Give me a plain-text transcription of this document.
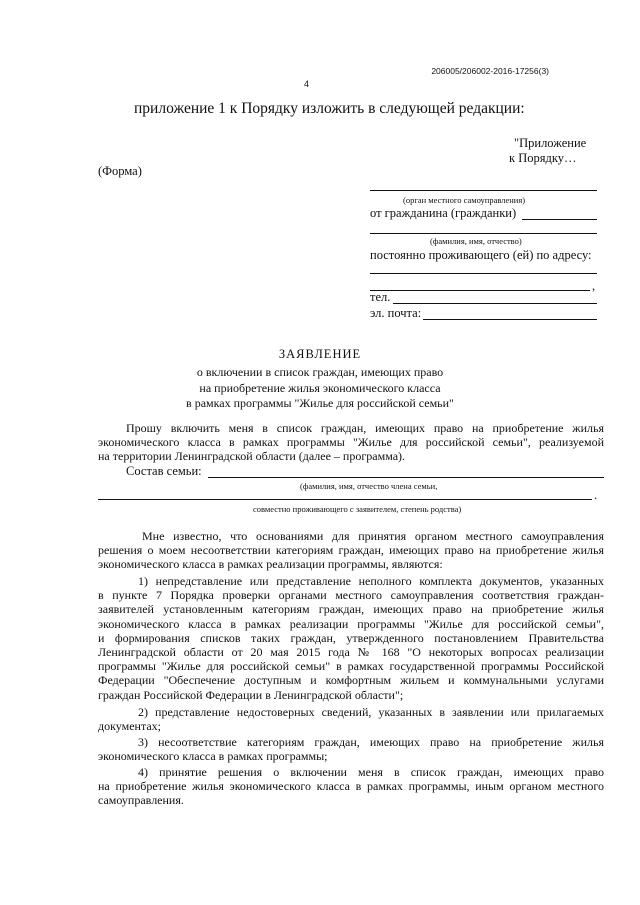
206005/206002-2016-17256(3)
4
приложение 1 к Порядку изложить в следующей редакции:
"Приложение
к Порядку…
(Форма)
(орган местного самоуправления)
от гражданина (гражданки)
(фамилия, имя, отчество)
постоянно проживающего (ей) по адресу:
,
тел.
эл. почта:
ЗАЯВЛЕНИЕ
о включении в список граждан, имеющих право
на приобретение жилья экономического класса
в рамках программы "Жилье для российской семьи"
Прошу включить меня в список граждан, имеющих право на приобретение жилья
экономического класса в рамках программы "Жилье для российской семьи", реализуемой
на территории Ленинградской области (далее – программа).
Состав семьи:
(фамилия, имя, отчество члена семьи,
.
совместно проживающего с заявителем, степень родства)
Мне известно, что основаниями для принятия органом местного самоуправления
решения о моем несоответствии категориям граждан, имеющих право на приобретение жилья
экономического класса в рамках реализации программы, являются:
1) непредставление или представление неполного комплекта документов, указанных
в пункте 7 Порядка проверки органами местного самоуправления соответствия граждан-
заявителей установленным категориям граждан, имеющих право на приобретение жилья
экономического класса в рамках реализации программы "Жилье для российской семьи",
и формирования списков таких граждан, утвержденного постановлением Правительства
Ленинградской области от 20 мая 2015 года № 168 "О некоторых вопросах реализации
программы "Жилье для российской семьи" в рамках государственной программы Российской
Федерации "Обеспечение доступным и комфортным жильем и коммунальными услугами
граждан Российской Федерации в Ленинградской области";
2) представление недостоверных сведений, указанных в заявлении или прилагаемых
документах;
3) несоответствие категориям граждан, имеющих право на приобретение жилья
экономического класса в рамках программы;
4) принятие решения о включении меня в список граждан, имеющих право
на приобретение жилья экономического класса в рамках программы, иным органом местного
самоуправления.
